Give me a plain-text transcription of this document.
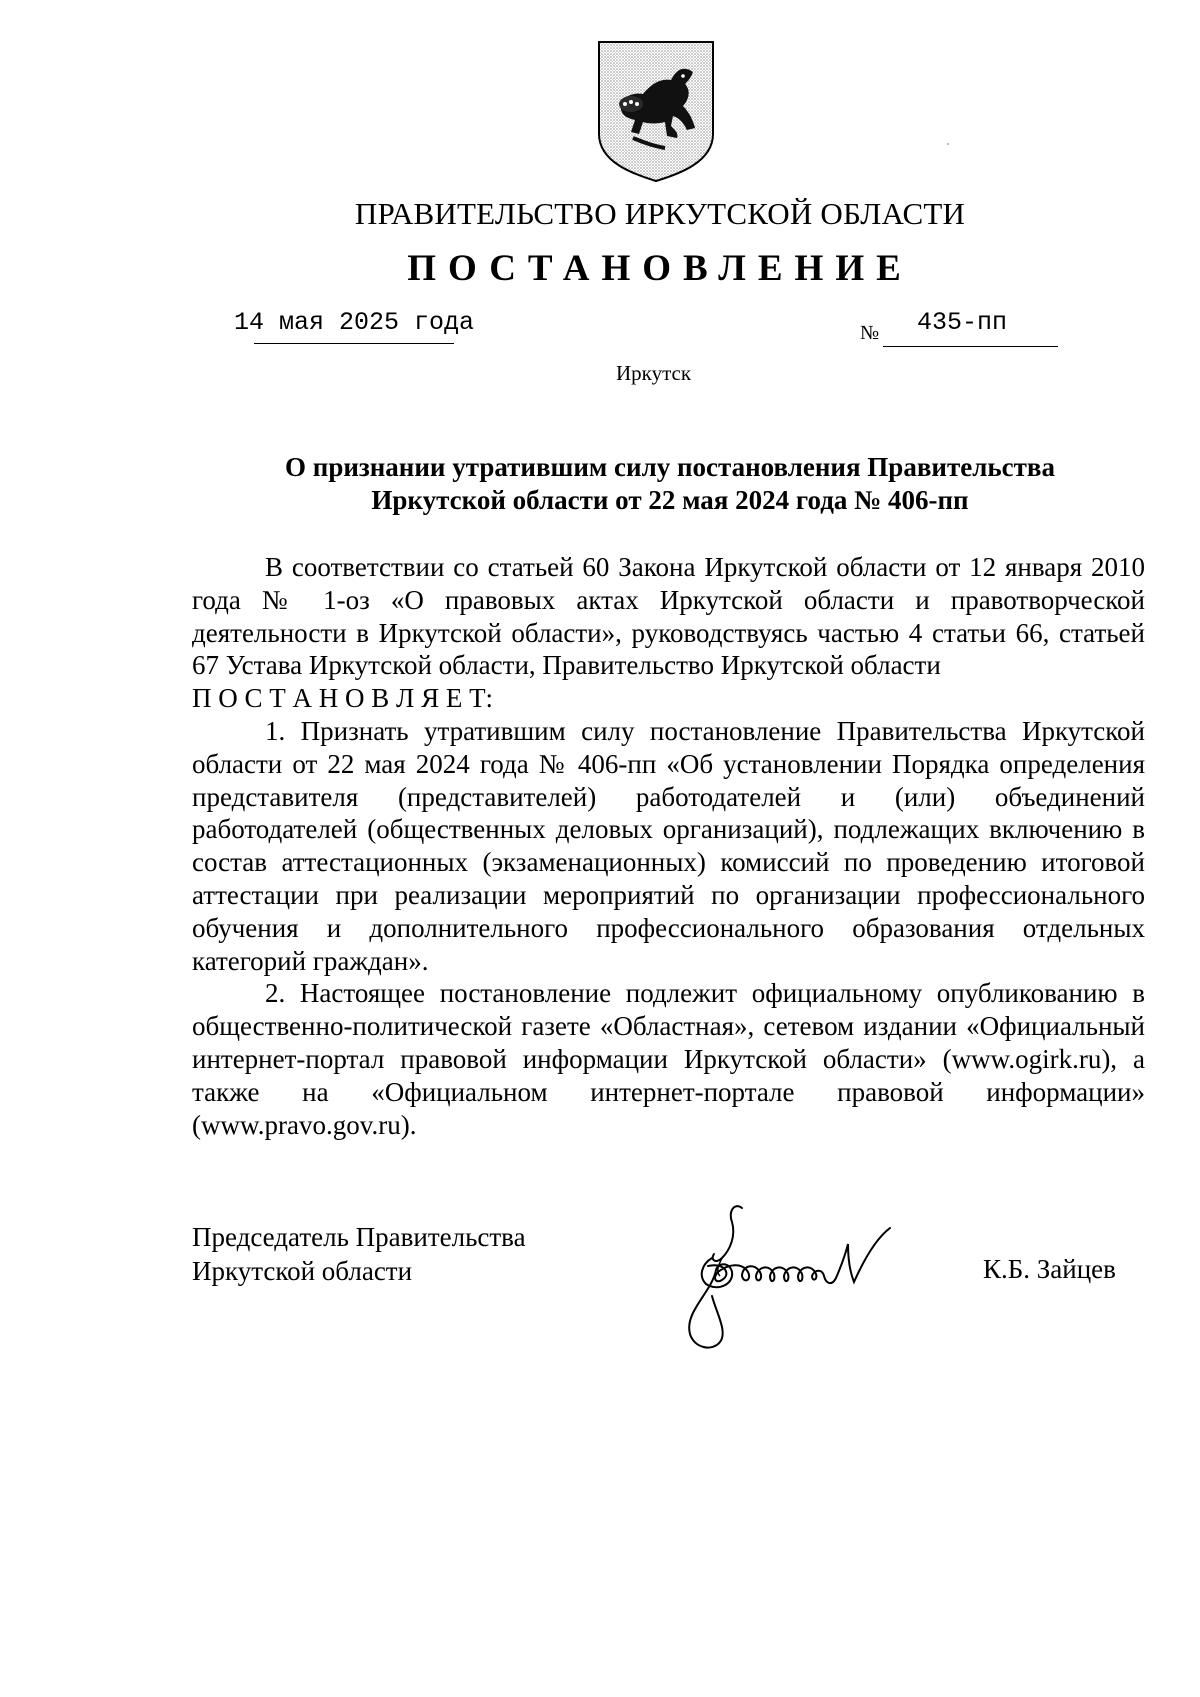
ПРАВИТЕЛЬСТВО ИРКУТСКОЙ ОБЛАСТИ
ПОСТАНОВЛЕНИЕ
14 мая 2025 года	№ 435-пп
Иркутск
О признании утратившим силу постановления Правительства
Иркутской области от 22 мая 2024 года № 406-пп

В соответствии со статьей 60 Закона Иркутской области от 12 января 2010 года № 1-оз «О правовых актах Иркутской области и правотворческой деятельности в Иркутской области», руководствуясь частью 4 статьи 66, статьей 67 Устава Иркутской области, Правительство Иркутской области

П О С Т А Н О В Л Я Е Т:

1. Признать утратившим силу постановление Правительства Иркутской области от 22 мая 2024 года № 406-пп «Об установлении Порядка определения представителя (представителей) работодателей и (или) объединений работодателей (общественных деловых организаций), подлежащих включению в состав аттестационных (экзаменационных) комиссий по проведению итоговой аттестации при реализации мероприятий по организации профессионального обучения и дополнительного профессионального образования отдельных категорий граждан».

2. Настоящее постановление подлежит официальному опубликованию в общественно-политической газете «Областная», сетевом издании «Официальный интернет-портал правовой информации Иркутской области» (www.ogirk.ru), а также на «Официальном интернет-портале правовой информации» (www.pravo.gov.ru).

Председатель Правительства
Иркутской области	К.Б. Зайцев
